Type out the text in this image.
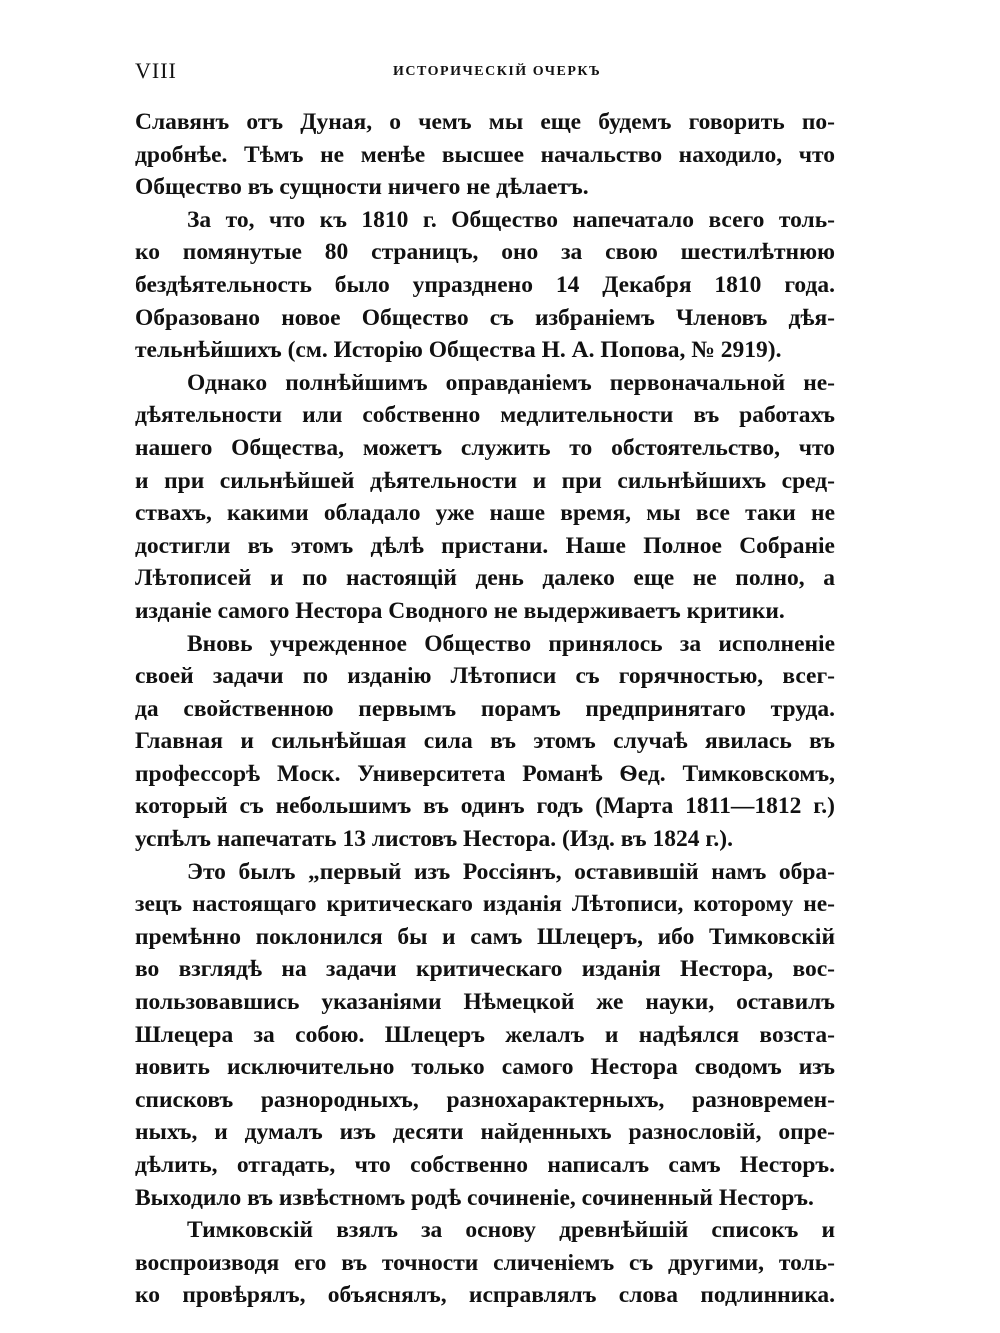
VIII	ИСТОРИЧЕСКІЙ ОЧЕРКЪ
Славянъ отъ Дуная, о чемъ мы еще будемъ говорить по-
дробнѣе. Тѣмъ не менѣе высшее начальство находило, что
Общество въ сущности ничего не дѣлаетъ.
За то, что къ 1810 г. Общество напечатало всего толь-
ко помянутые 80 страницъ, оно за свою шестилѣтнюю
бездѣятельность было упразднено 14 Декабря 1810 года.
Образовано новое Общество съ избраніемъ Членовъ дѣя-
тельнѣйшихъ (см. Исторію Общества Н. А. Попова, № 2919).
Однако полнѣйшимъ оправданіемъ первоначальной не-
дѣятельности или собственно медлительности въ работахъ
нашего Общества, можетъ служить то обстоятельство, что
и при сильнѣйшей дѣятельности и при сильнѣйшихъ сред-
ствахъ, какими обладало уже наше время, мы все таки не
достигли въ этомъ дѣлѣ пристани. Наше Полное Собраніе
Лѣтописей и по настоящій день далеко еще не полно, а
изданіе самого Нестора Сводного не выдерживаетъ критики.
Вновь учрежденное Общество принялось за исполненіе
своей задачи по изданію Лѣтописи съ горячностью, всег-
да свойственною первымъ порамъ предпринятаго труда.
Главная и сильнѣйшая сила въ этомъ случаѣ явилась въ
профессорѣ Моск. Университета Романѣ Ѳед. Тимковскомъ,
который съ небольшимъ въ одинъ годъ (Марта 1811—1812 г.)
успѣлъ напечатать 13 листовъ Нестора. (Изд. въ 1824 г.).
Это былъ „первый изъ Россіянъ, оставившій намъ обра-
зецъ настоящаго критическаго изданія Лѣтописи, которому не-
премѣнно поклонился бы и самъ Шлецеръ, ибо Тимковскій
во взглядѣ на задачи критическаго изданія Нестора, вос-
пользовавшись указаніями Нѣмецкой же науки, оставилъ
Шлецера за собою. Шлецеръ желалъ и надѣялся возста-
новить исключительно только самого Нестора сводомъ изъ
списковъ разнородныхъ, разнохарактерныхъ, разновремен-
ныхъ, и думалъ изъ десяти найденныхъ разнословій, опре-
дѣлить, отгадать, что собственно написалъ самъ Несторъ.
Выходило въ извѣстномъ родѣ сочиненіе, сочиненный Несторъ.
Тимковскій взялъ за основу древнѣйшій списокъ и
воспроизводя его въ точности сличеніемъ съ другими, толь-
ко провѣрялъ, объяснялъ, исправлялъ слова подлинника.
